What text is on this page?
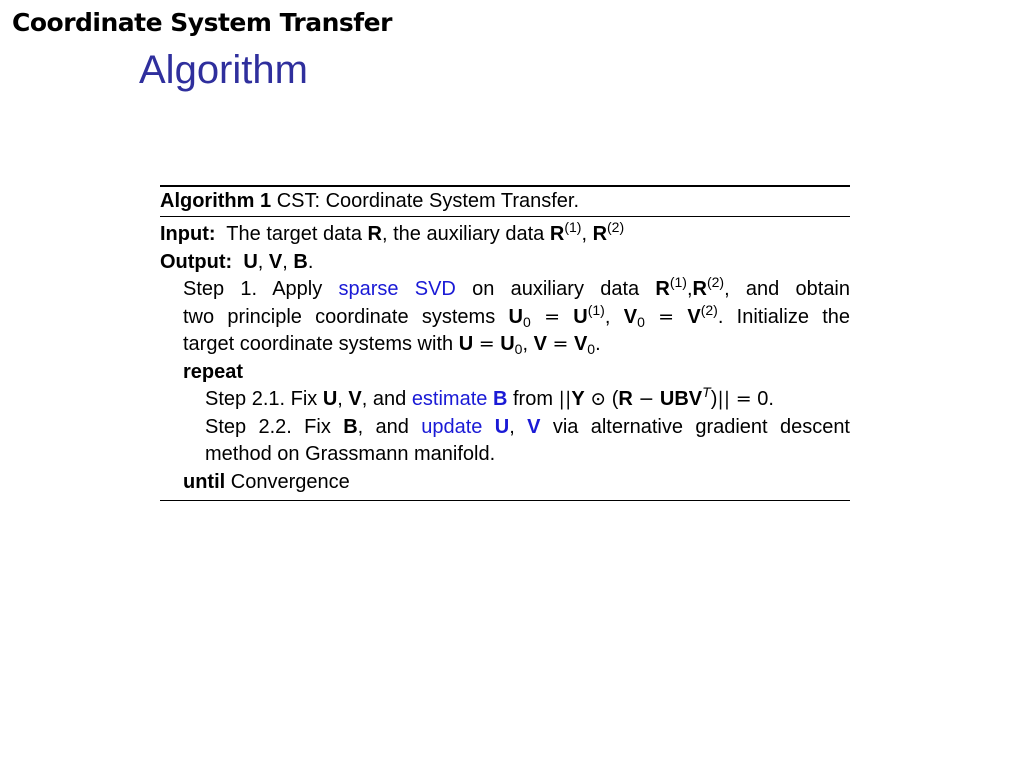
Coordinate System Transfer
Algorithm
Algorithm 1 CST: Coordinate System Transfer.
Input: The target data R, the auxiliary data $R^{(1)}$, $R^{(2)}$
Output: U, V, B.
Step 1. Apply sparse SVD on auxiliary data $R^{(1)},R^{(2)}$, and obtain
two principle coordinate systems $U_0 = U^{(1)}$, $V_0 = V^{(2)}$. Initialize the
target coordinate systems with $U = U_0$, $V = V_0$.
repeat
Step 2.1. Fix U, V, and estimate B from ||Y ⊙ $(R - UBV^T)|| = 0$.
Step 2.2. Fix B, and update U, V via alternative gradient descent
method on Grassmann manifold.
until Convergence
